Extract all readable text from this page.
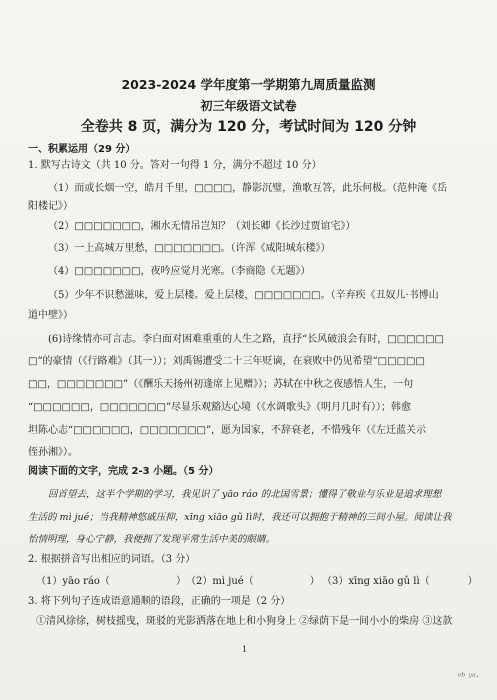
2023-2024 学年度第一学期第九周质量监测
初三年级语文试卷
全卷共 8 页，满分为 120 分，考试时间为 120 分钟
一、积累运用（29 分）
1. 默写古诗文（共 10 分。答对一句得 1 分，满分不超过 10 分）
（1）而或长烟一空，皓月千里，□□□□，静影沉璧，渔歌互答，此乐何极。（范仲淹《岳
阳楼记》）
（2）□□□□□□□，湘水无情吊岂知？（刘长卿《长沙过贾谊宅》）
（3）一上高城万里愁，□□□□□□□。（许浑《咸阳城东楼》）
（4）□□□□□□□，夜吟应觉月光寒。（李商隐《无题》）
（5）少年不识愁滋味，爱上层楼。爱上层楼，□□□□□□□。（辛弃疾《丑奴儿·书博山
道中壁》）
(6)诗缘情亦可言志。李白面对困难重重的人生之路，直抒“长风破浪会有时，□□□□□□
□”的豪情（《行路难》（其一））；刘禹锡遭受二十三年贬谪，在衰败中仍见希望“□□□□□
□□，□□□□□□□”（《酬乐天扬州初逢席上见赠》）；苏轼在中秋之夜感悟人生，一句
“□□□□□□，□□□□□□□”尽显乐观豁达心境（《水调歌头》（明月几时有））；韩愈
坦陈心志“□□□□□□，□□□□□□□”，愿为国家，不辞衰老，不惜残年（《左迁蓝关示
侄孙湘》）。
阅读下面的文字，完成 2-3 小题。（5 分）
回首望去，这半个学期的学习，我见识了 yāo ráo 的北国雪景；懂得了敬业与乐业是追求理想
生活的 mì jué；当我精神悠戚压抑，xīng xiāo gǔ lì时，我还可以拥抱于精神的三间小屋。阅读让我
怡情明理，身心宁静，我便拥了发现平常生活中美的眼睛。
2. 根据拼音写出相应的词语。（3 分）
（1）yāo ráo（	） （2）mì jué（	） （3）xīng xiāo gǔ lì（	）
3. 将下列句子连成语意通顺的语段，正确的一项是（2 分）
①清风徐徐，树枝摇曳，斑驳的光影洒落在地上和小狗身上 ②绿荫下是一间小小的柴房 ③这款
1
ᵉᵇ ʸᵃ·
